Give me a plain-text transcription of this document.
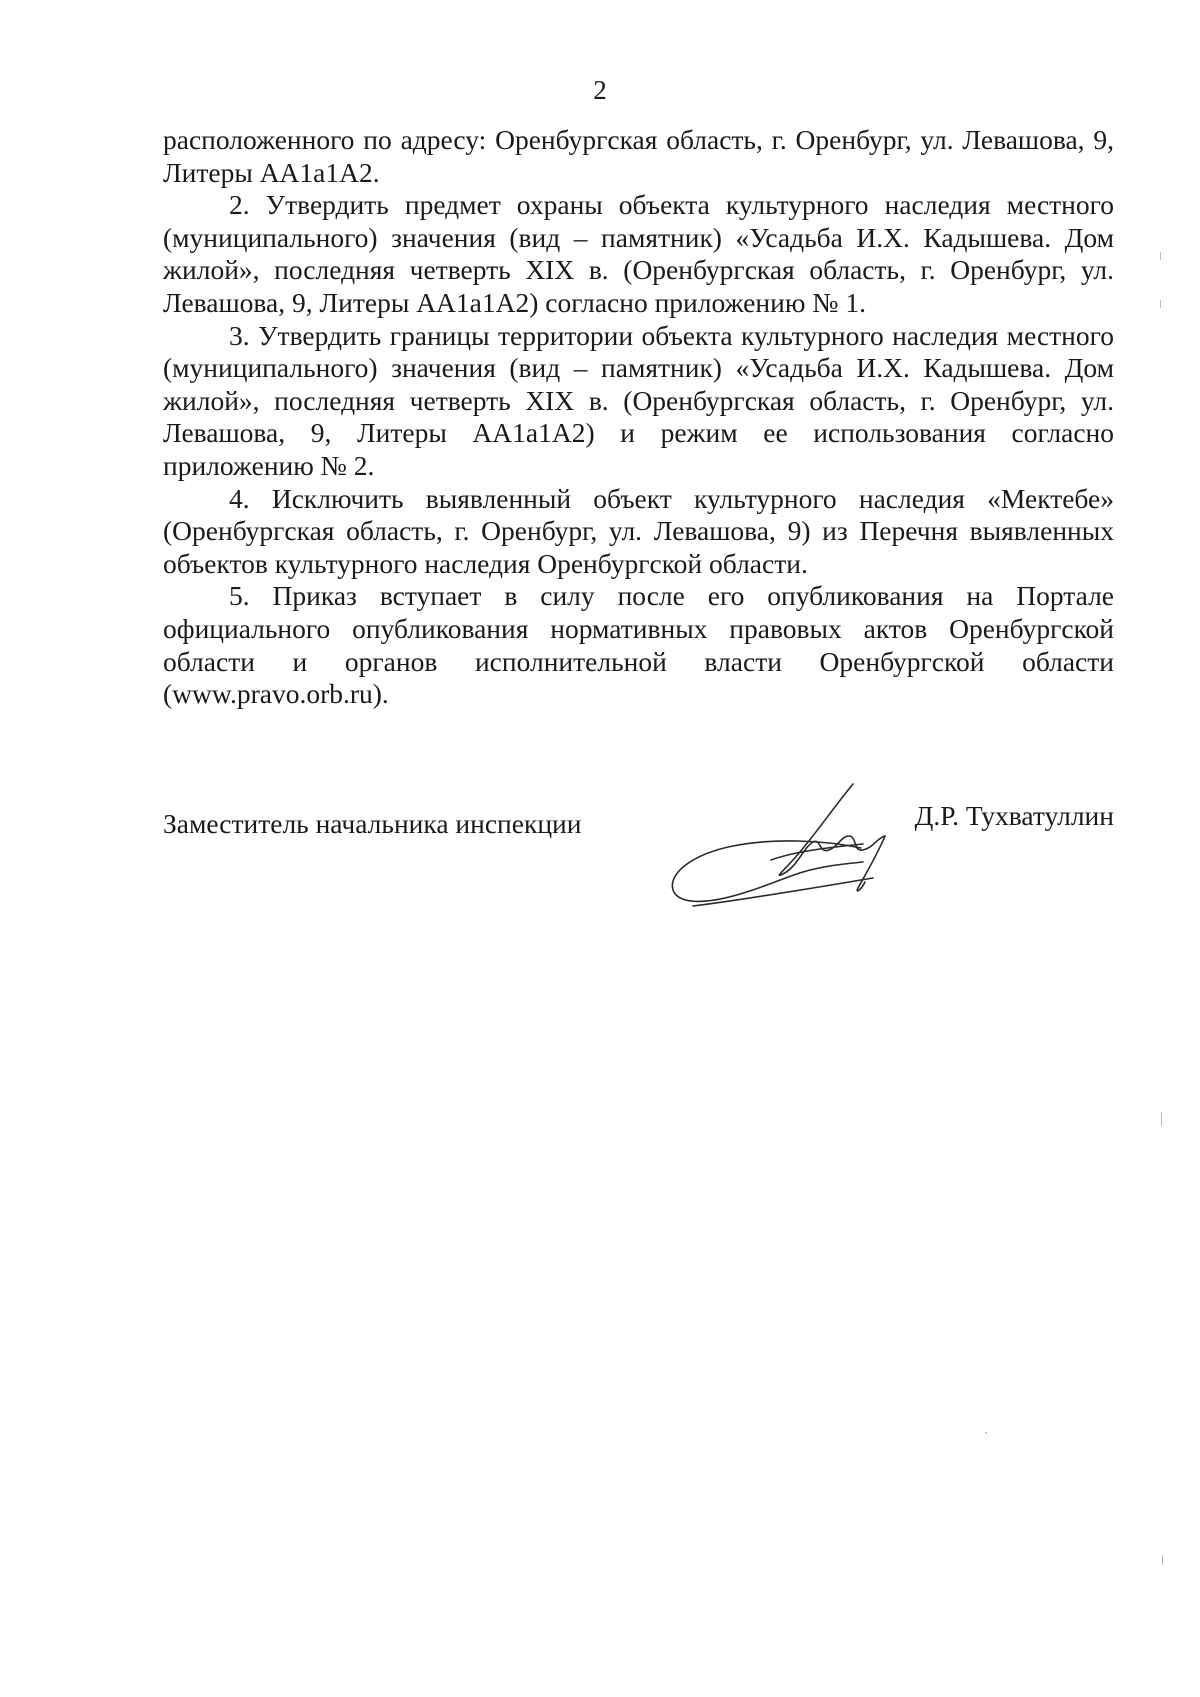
2

расположенного по адресу: Оренбургская область, г. Оренбург, ул. Левашова, 9, Литеры АА1а1А2.

2. Утвердить предмет охраны объекта культурного наследия местного (муниципального) значения (вид – памятник) «Усадьба И.Х. Кадышева. Дом жилой», последняя четверть XIX в. (Оренбургская область, г. Оренбург, ул. Левашова, 9, Литеры АА1а1А2) согласно приложению № 1.

3. Утвердить границы территории объекта культурного наследия местного (муниципального) значения (вид – памятник) «Усадьба И.Х. Кадышева. Дом жилой», последняя четверть XIX в. (Оренбургская область, г. Оренбург, ул. Левашова, 9, Литеры АА1а1А2) и режим ее использования согласно приложению № 2.

4. Исключить выявленный объект культурного наследия «Мектебе» (Оренбургская область, г. Оренбург, ул. Левашова, 9) из Перечня выявленных объектов культурного наследия Оренбургской области.

5. Приказ вступает в силу после его опубликования на Портале официального опубликования нормативных правовых актов Оренбургской области и органов исполнительной власти Оренбургской области (www.pravo.orb.ru).

Заместитель начальника инспекции	Д.Р. Тухватуллин
